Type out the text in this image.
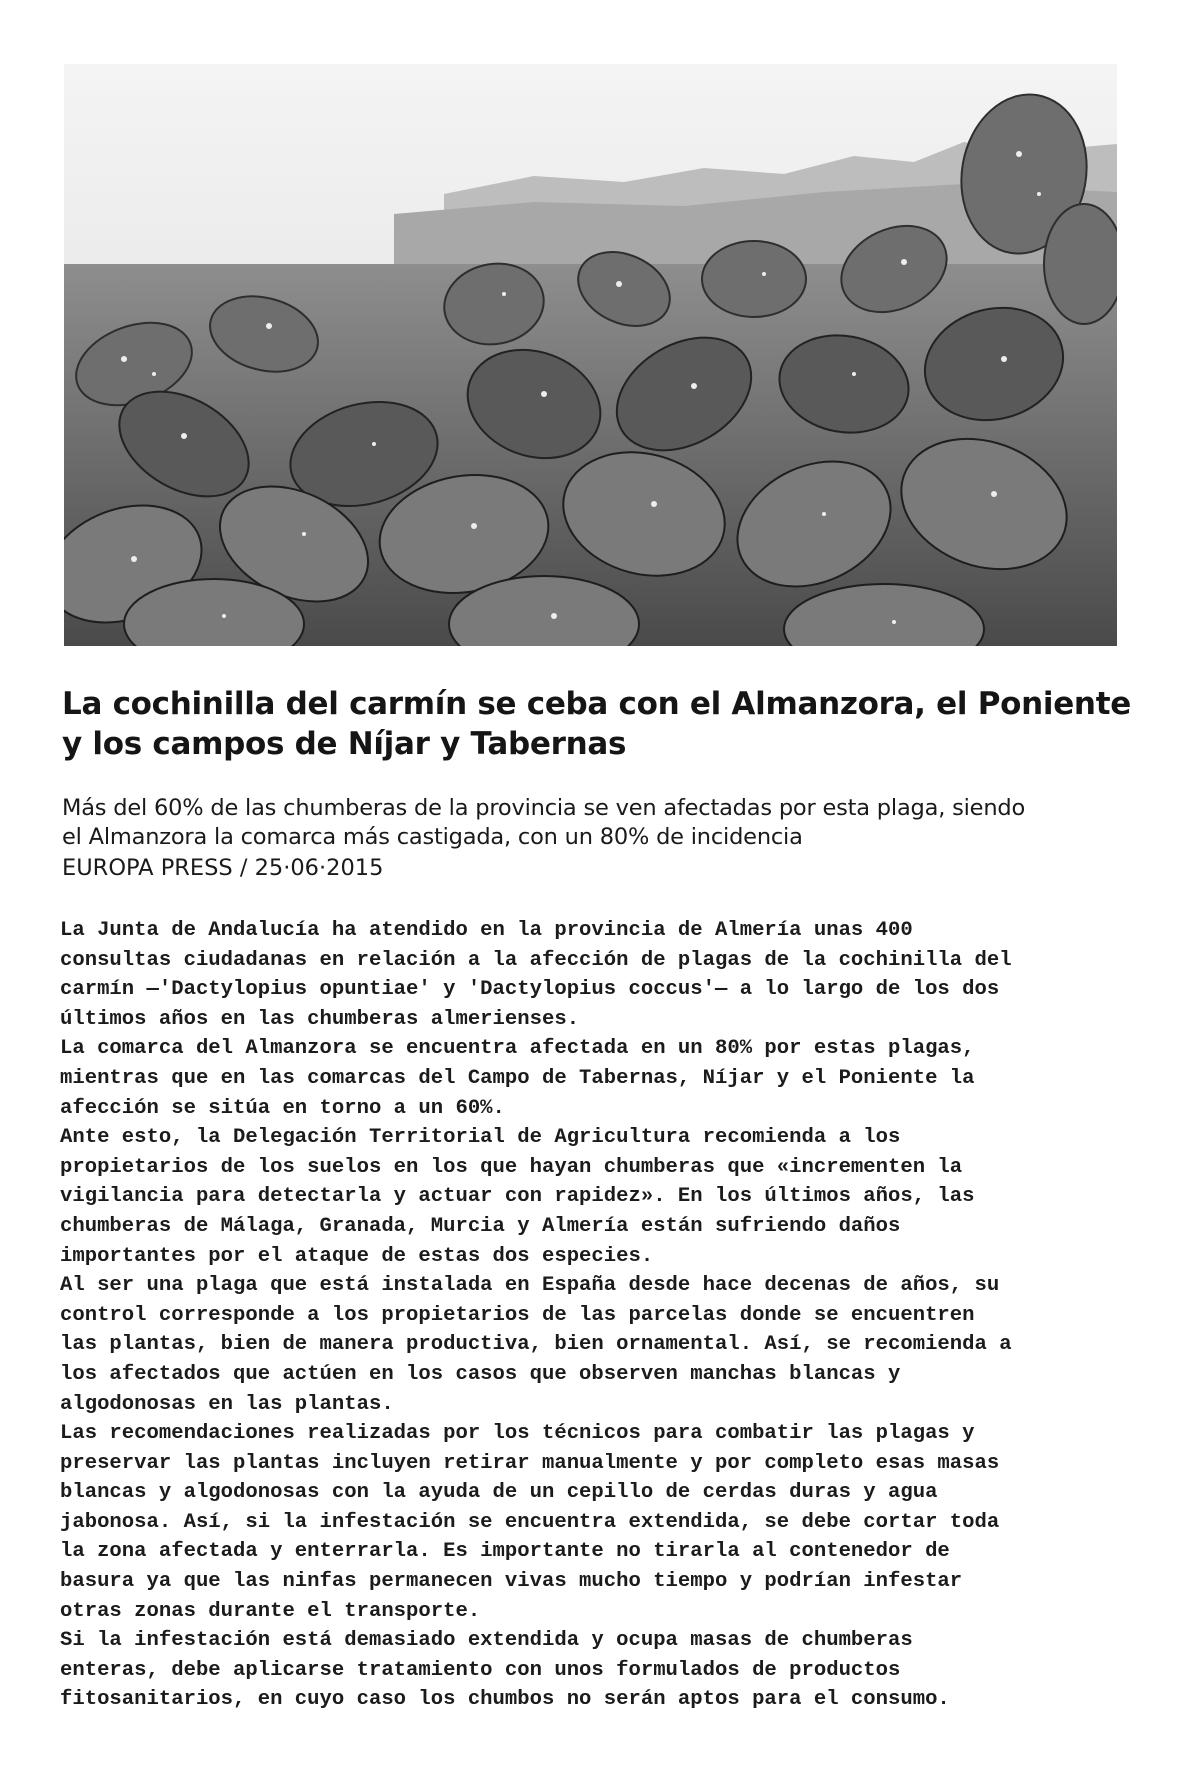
La cochinilla del carmín se ceba con el Almanzora, el Poniente
y los campos de Níjar y Tabernas

Más del 60% de las chumberas de la provincia se ven afectadas por esta plaga, siendo
el Almanzora la comarca más castigada, con un 80% de incidencia

EUROPA PRESS / 25·06·2015

La Junta de Andalucía ha atendido en la provincia de Almería unas 400

consultas ciudadanas en relación a la afección de plagas de la cochinilla del

carmín —'Dactylopius opuntiae' y 'Dactylopius coccus'— a lo largo de los dos

últimos años en las chumberas almerienses.

La comarca del Almanzora se encuentra afectada en un 80% por estas plagas,

mientras que en las comarcas del Campo de Tabernas, Níjar y el Poniente la

afección se sitúa en torno a un 60%.

Ante esto, la Delegación Territorial de Agricultura recomienda a los

propietarios de los suelos en los que hayan chumberas que «incrementen la

vigilancia para detectarla y actuar con rapidez». En los últimos años, las

chumberas de Málaga, Granada, Murcia y Almería están sufriendo daños

importantes por el ataque de estas dos especies.

Al ser una plaga que está instalada en España desde hace decenas de años, su

control corresponde a los propietarios de las parcelas donde se encuentren

las plantas, bien de manera productiva, bien ornamental. Así, se recomienda a

los afectados que actúen en los casos que observen manchas blancas y

algodonosas en las plantas.

Las recomendaciones realizadas por los técnicos para combatir las plagas y

preservar las plantas incluyen retirar manualmente y por completo esas masas

blancas y algodonosas con la ayuda de un cepillo de cerdas duras y agua

jabonosa. Así, si la infestación se encuentra extendida, se debe cortar toda

la zona afectada y enterrarla. Es importante no tirarla al contenedor de

basura ya que las ninfas permanecen vivas mucho tiempo y podrían infestar

otras zonas durante el transporte.

Si la infestación está demasiado extendida y ocupa masas de chumberas

enteras, debe aplicarse tratamiento con unos formulados de productos

fitosanitarios, en cuyo caso los chumbos no serán aptos para el consumo.
